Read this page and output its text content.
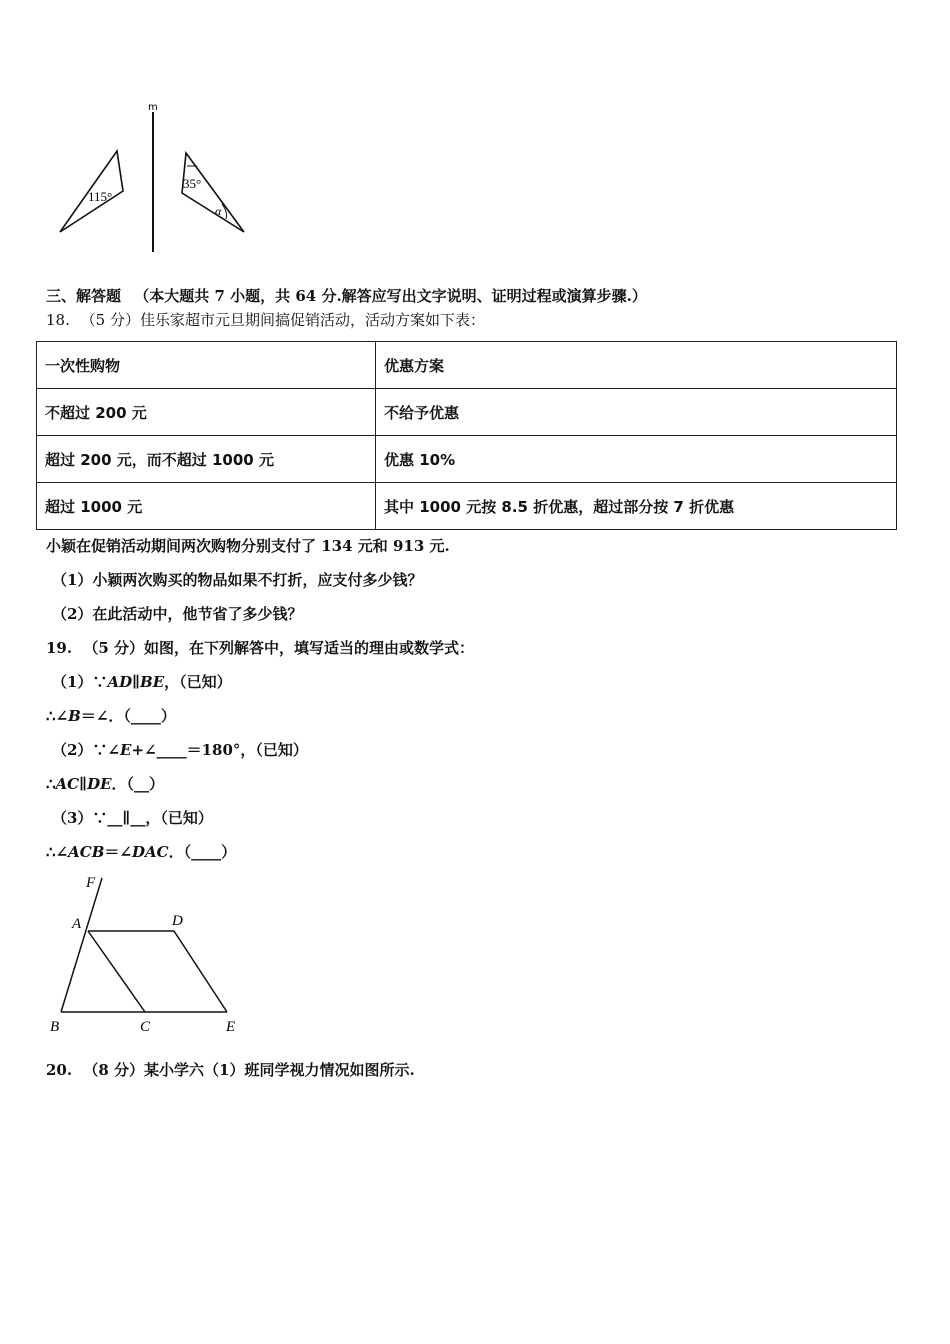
m
115°
35°
α
三、解答题 （本大题共 7 小题，共 64 分.解答应写出文字说明、证明过程或演算步骤.）
18. （5 分）佳乐家超市元旦期间搞促销活动，活动方案如下表：
一次性购物	优惠方案
不超过 200 元	不给予优惠
超过 200 元，而不超过 1000 元	优惠 10%
超过 1000 元	其中 1000 元按 8.5 折优惠，超过部分按 7 折优惠
小颖在促销活动期间两次购物分别支付了 134 元和 913 元.
（1）小颖两次购买的物品如果不打折，应支付多少钱？
（2）在此活动中，他节省了多少钱？
19. （5 分）如图，在下列解答中，填写适当的理由或数学式：
（1）∵AD∥BE，（已知）
∴∠B＝∠．（____）
（2）∵∠E+∠____＝180°，（已知）
∴AC∥DE．（__）
（3）∵__∥__，（已知）
∴∠ACB＝∠DAC．（____）
F
A	D
B	C	E
20. （8 分）某小学六（1）班同学视力情况如图所示.
